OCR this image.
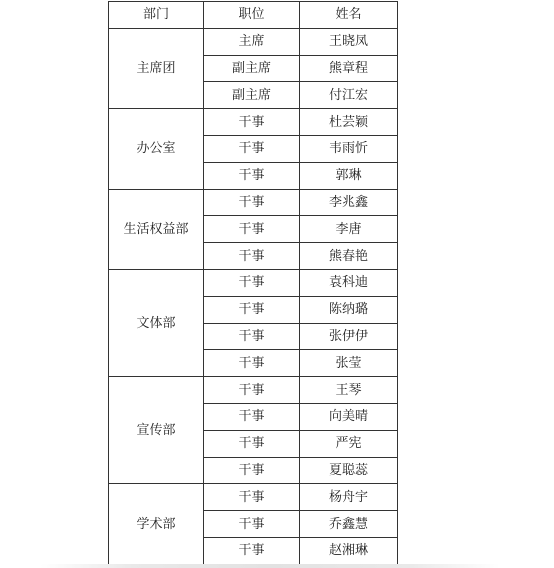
部门	职位	姓名
主席团	主席	王晓凤
	副主席	熊章程
	副主席	付江宏
办公室	干事	杜芸颖
	干事	韦雨忻
	干事	郭琳
生活权益部	干事	李兆鑫
	干事	李唐
	干事	熊春艳
文体部	干事	袁科迪
	干事	陈纳璐
	干事	张伊伊
	干事	张莹
宣传部	干事	王琴
	干事	向美晴
	干事	严宪
	干事	夏聪蕊
学术部	干事	杨舟宇
	干事	乔鑫慧
	干事	赵湘琳
